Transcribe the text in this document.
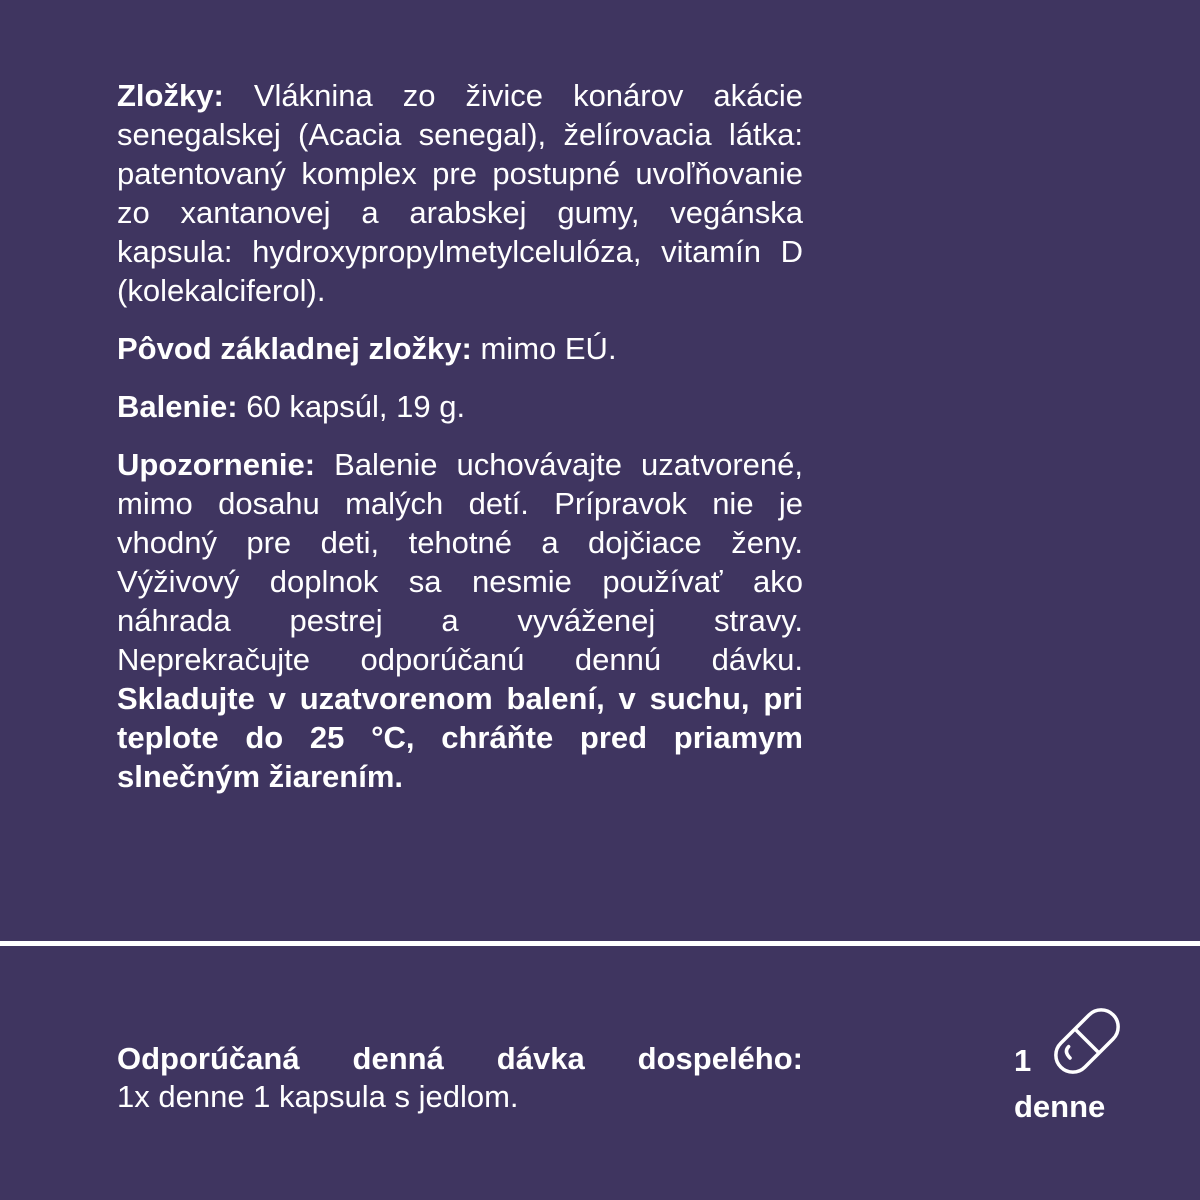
Zložky: Vláknina zo živice konárov akácie senegalskej (Acacia senegal), želírovacia látka: patentovaný komplex pre postupné uvoľňovanie zo xantanovej a arabskej gumy, vegánska kapsula: hydroxypropylmetylcelulóza, vitamín D (kolekalciferol).

Pôvod základnej zložky: mimo EÚ.

Balenie: 60 kapsúl, 19 g.

Upozornenie: Balenie uchovávajte uzatvorené, mimo dosahu malých detí. Prípravok nie je vhodný pre deti, tehotné a dojčiace ženy. Výživový doplnok sa nesmie používať ako náhrada pestrej a vyváženej stravy. Neprekračujte odporúčanú dennú dávku. Skladujte v uzatvorenom balení, v suchu, pri teplote do 25 °C, chráňte pred priamym slnečným žiarením.

Odporúčaná denná dávka dospelého:
1x denne 1 kapsula s jedlom.
1
denne
